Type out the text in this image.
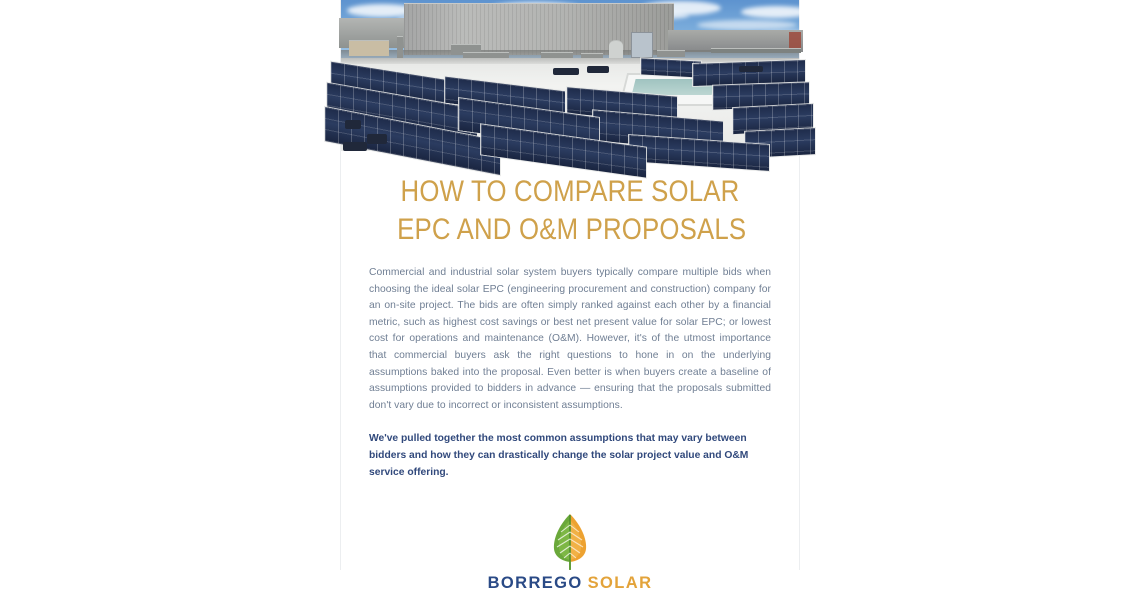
HOW TO COMPARE SOLAR
EPC AND O&M PROPOSALS

Commercial and industrial solar system buyers typically compare multiple bids when choosing the ideal solar EPC (engineering procurement and construction) company for an on-site project. The bids are often simply ranked against each other by a financial metric, such as highest cost savings or best net present value for solar EPC; or lowest cost for operations and maintenance (O&M). However, it's of the utmost importance that commercial buyers ask the right questions to hone in on the underlying assumptions baked into the proposal. Even better is when buyers create a baseline of assumptions provided to bidders in advance — ensuring that the proposals submitted don't vary due to incorrect or inconsistent assumptions.

We've pulled together the most common assumptions that may vary between bidders and how they can drastically change the solar project value and O&M service offering.

BORREGO SOLAR
